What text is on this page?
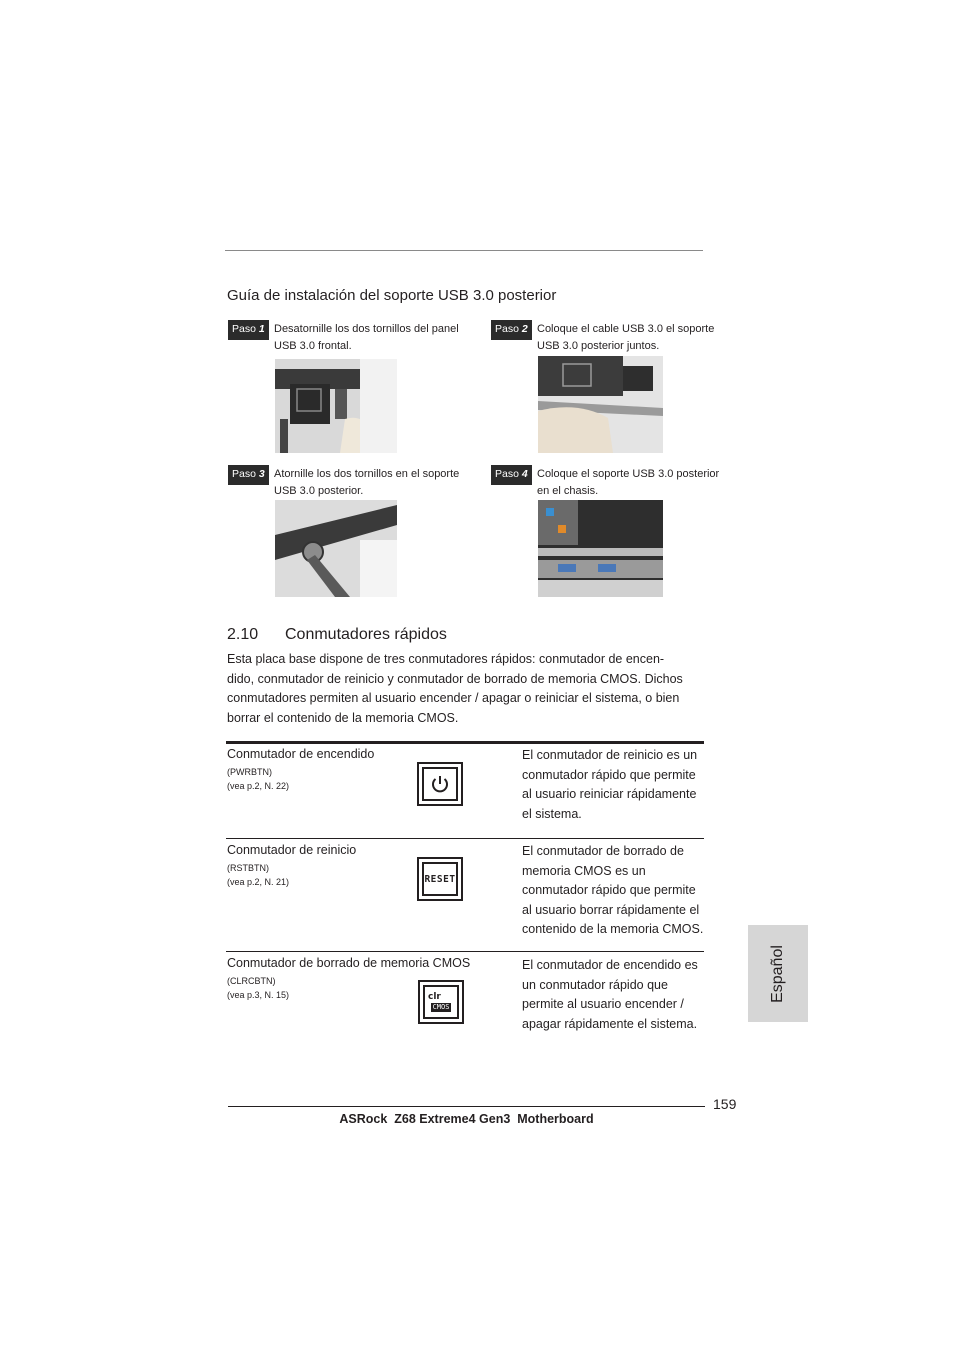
Guía de instalación del soporte USB 3.0 posterior
Paso 1 Desatornille los dos tornillos del panel
USB 3.0 frontal.
Paso 2 Coloque el cable USB 3.0 el soporte
USB 3.0 posterior juntos.
Paso 3 Atornille los dos tornillos en el soporte
USB 3.0 posterior.
Paso 4 Coloque el soporte USB 3.0 posterior
en el chasis.
2.10 Conmutadores rápidos
Esta placa base dispone de tres conmutadores rápidos: conmutador de encen-
dido, conmutador de reinicio y conmutador de borrado de memoria CMOS. Dichos
conmutadores permiten al usuario encender / apagar o reiniciar el sistema, o bien
borrar el contenido de la memoria CMOS.
Conmutador de encendido
(PWRBTN)
(vea p.2, N. 22)
El conmutador de reinicio es un
conmutador rápido que permite
al usuario reiniciar rápidamente
el sistema.
Conmutador de reinicio
(RSTBTN)
(vea p.2, N. 21)	RESET
El conmutador de borrado de
memoria CMOS es un
conmutador rápido que permite
al usuario borrar rápidamente el
contenido de la memoria CMOS.
Conmutador de borrado de memoria CMOS
(CLRCBTN)
(vea p.3, N. 15)	clr
CMOS
El conmutador de encendido es
un conmutador rápido que
permite al usuario encender /
apagar rápidamente el sistema.
Español
159
ASRock  Z68 Extreme4 Gen3  Motherboard
